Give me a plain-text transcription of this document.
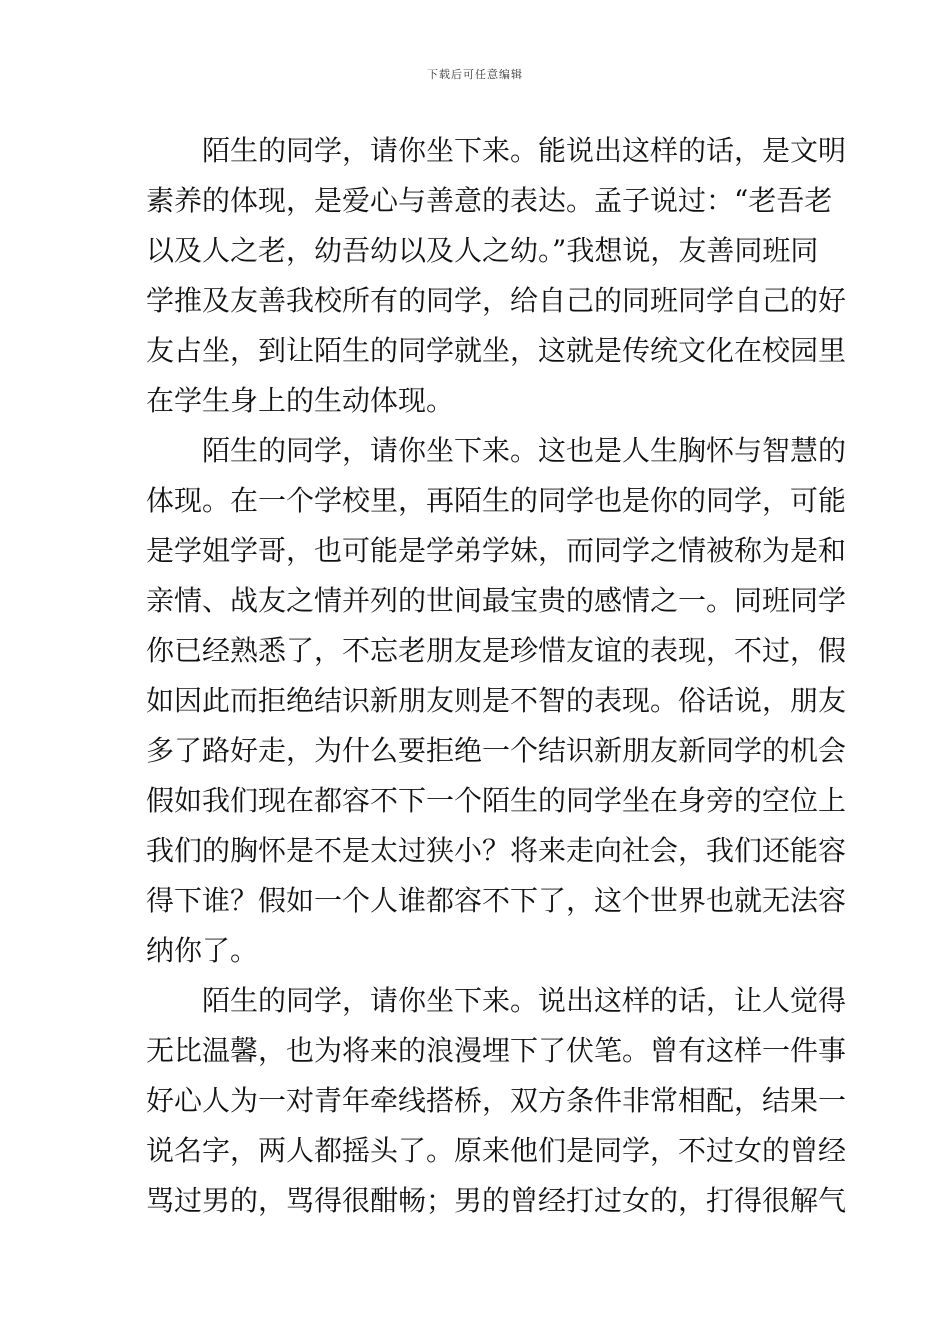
下载后可任意编辑
　　陌生的同学，请你坐下来。能说出这样的话，是文明
素养的体现，是爱心与善意的表达。孟子说过：“老吾老
以及人之老，幼吾幼以及人之幼。”我想说，友善同班同
学推及友善我校所有的同学，给自己的同班同学自己的好
友占坐，到让陌生的同学就坐，这就是传统文化在校园里
在学生身上的生动体现。
　　陌生的同学，请你坐下来。这也是人生胸怀与智慧的
体现。在一个学校里，再陌生的同学也是你的同学，可能
是学姐学哥，也可能是学弟学妹，而同学之情被称为是和
亲情、战友之情并列的世间最宝贵的感情之一。同班同学
你已经熟悉了，不忘老朋友是珍惜友谊的表现，不过，假
如因此而拒绝结识新朋友则是不智的表现。俗话说，朋友
多了路好走，为什么要拒绝一个结识新朋友新同学的机会
假如我们现在都容不下一个陌生的同学坐在身旁的空位上
我们的胸怀是不是太过狭小？将来走向社会，我们还能容
得下谁？假如一个人谁都容不下了，这个世界也就无法容
纳你了。
　　陌生的同学，请你坐下来。说出这样的话，让人觉得
无比温馨，也为将来的浪漫埋下了伏笔。曾有这样一件事
好心人为一对青年牵线搭桥，双方条件非常相配，结果一
说名字，两人都摇头了。原来他们是同学，不过女的曾经
骂过男的，骂得很酣畅；男的曾经打过女的，打得很解气
